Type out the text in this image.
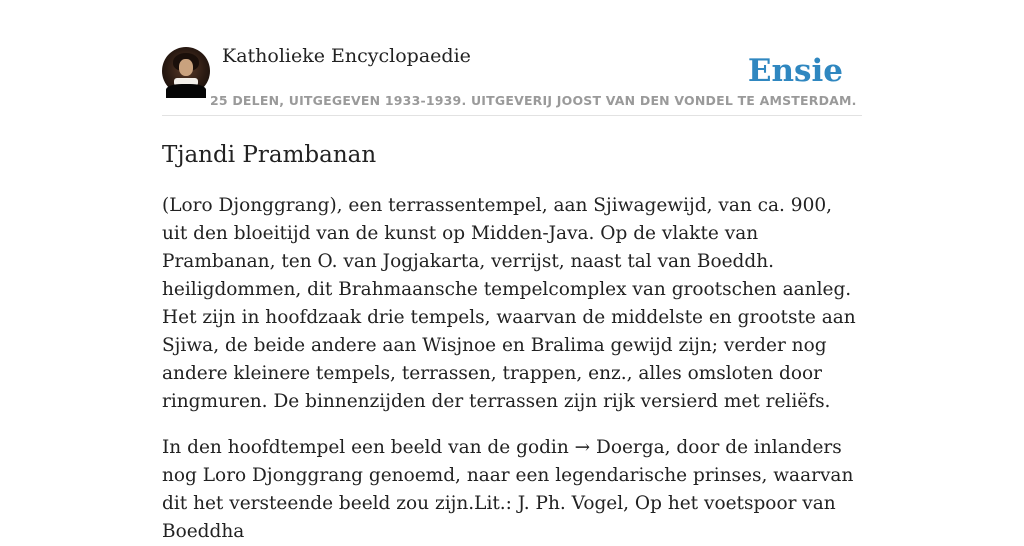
Katholieke Encyclopaedie
25 DELEN, UITGEGEVEN 1933-1939. UITGEVERIJ JOOST VAN DEN VONDEL TE AMSTERDAM.
Ensie
Tjandi Prambanan

(Loro Djonggrang), een terrassentempel, aan Sjiwagewijd, van ca. 900, uit den bloeitijd van de kunst op Midden-Java. Op de vlakte van Prambanan, ten O. van Jogjakarta, verrijst, naast tal van Boeddh. heiligdommen, dit Brahmaansche tempelcomplex van grootschen aanleg. Het zijn in hoofdzaak drie tempels, waarvan de middelste en grootste aan Sjiwa, de beide andere aan Wisjnoe en Bralima gewijd zijn; verder nog andere kleinere tempels, terrassen, trappen, enz., alles omsloten door ringmuren. De binnenzijden der terrassen zijn rijk versierd met reliëfs.

In den hoofdtempel een beeld van de godin → Doerga, door de inlanders nog Loro Djonggrang genoemd, naar een legendarische prinses, waarvan dit het versteende beeld zou zijn.Lit.: J. Ph. Vogel, Op het voetspoor van Boeddha
